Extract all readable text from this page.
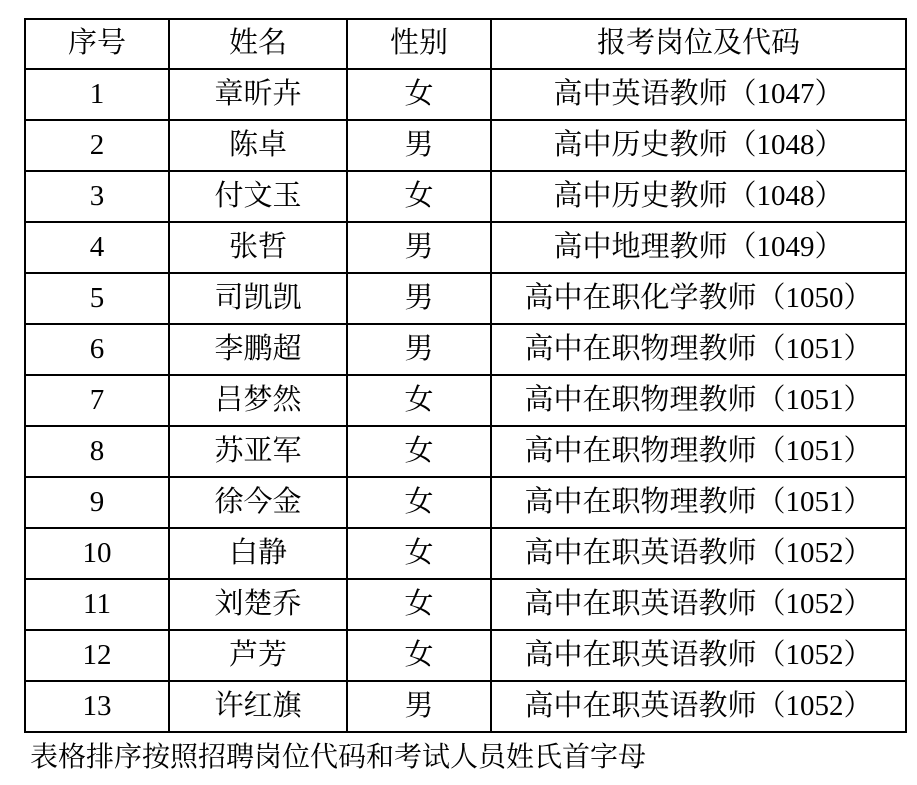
序号	姓名	性别	报考岗位及代码
1	章昕卉	女	高中英语教师（1047）
2	陈卓	男	高中历史教师（1048）
3	付文玉	女	高中历史教师（1048）
4	张哲	男	高中地理教师（1049）
5	司凯凯	男	高中在职化学教师（1050）
6	李鹏超	男	高中在职物理教师（1051）
7	吕梦然	女	高中在职物理教师（1051）
8	苏亚军	女	高中在职物理教师（1051）
9	徐今金	女	高中在职物理教师（1051）
10	白静	女	高中在职英语教师（1052）
11	刘楚乔	女	高中在职英语教师（1052）
12	芦芳	女	高中在职英语教师（1052）
13	许红旗	男	高中在职英语教师（1052）
表格排序按照招聘岗位代码和考试人员姓氏首字母
